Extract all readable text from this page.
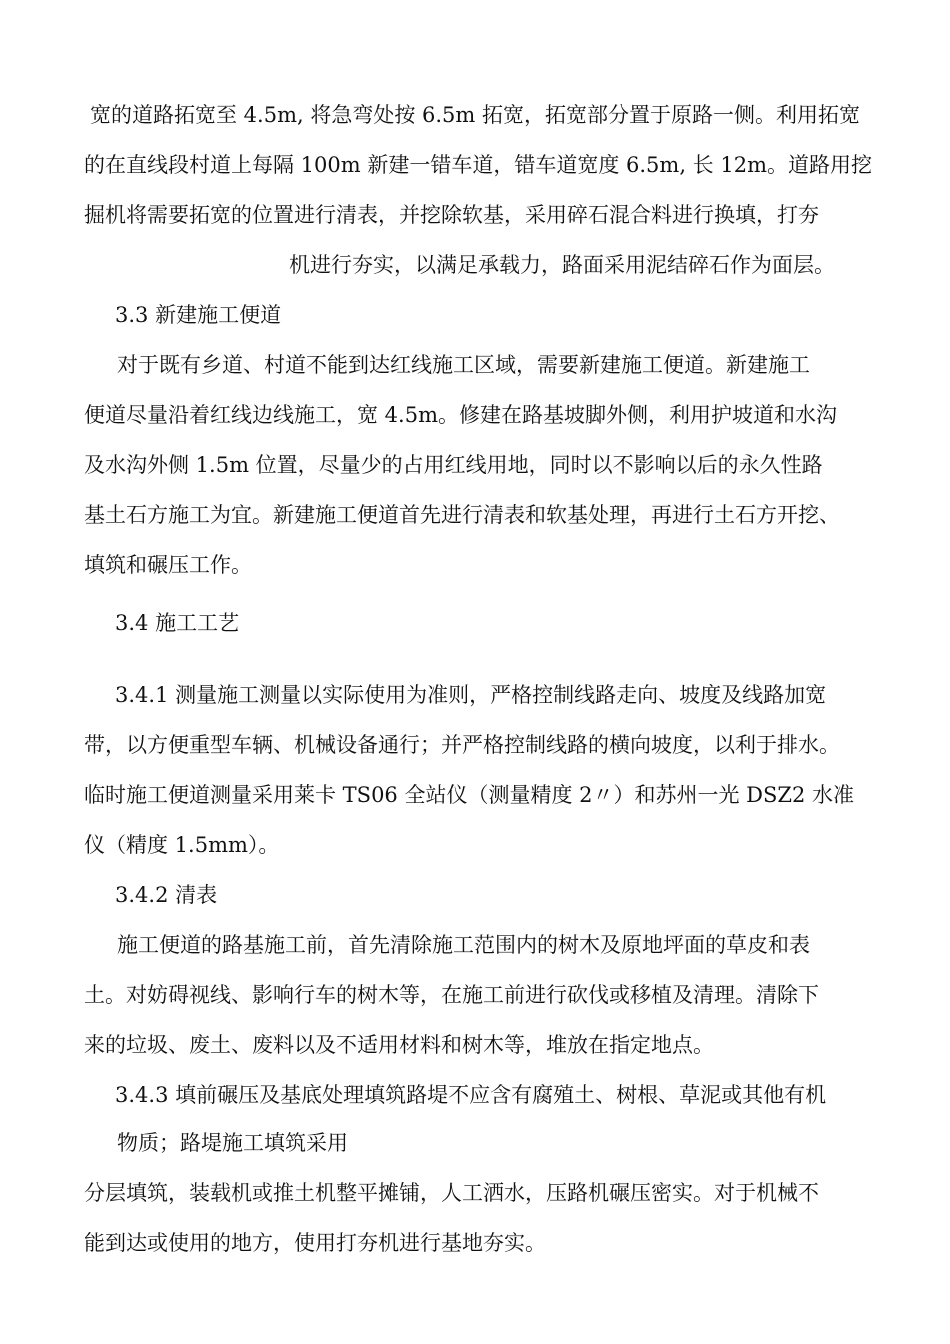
宽的道路拓宽至 4.5m, 将急弯处按 6.5m 拓宽，拓宽部分置于原路一侧。利用拓宽
的在直线段村道上每隔 100m 新建一错车道，错车道宽度 6.5m, 长 12m。道路用挖
掘机将需要拓宽的位置进行清表，并挖除软基，采用碎石混合料进行换填，打夯
机进行夯实，以满足承载力，路面采用泥结碎石作为面层。
3.3 新建施工便道
对于既有乡道、村道不能到达红线施工区域，需要新建施工便道。新建施工
便道尽量沿着红线边线施工，宽 4.5m。修建在路基坡脚外侧，利用护坡道和水沟
及水沟外侧 1.5m 位置，尽量少的占用红线用地，同时以不影响以后的永久性路
基土石方施工为宜。新建施工便道首先进行清表和软基处理，再进行土石方开挖、
填筑和碾压工作。
3.4 施工工艺
3.4.1 测量施工测量以实际使用为准则，严格控制线路走向、坡度及线路加宽
带，以方便重型车辆、机械设备通行；并严格控制线路的横向坡度，以利于排水。
临时施工便道测量采用莱卡 TS06 全站仪（测量精度 2〃）和苏州一光 DSZ2 水准
仪（精度 1.5mm）。
3.4.2 清表
施工便道的路基施工前，首先清除施工范围内的树木及原地坪面的草皮和表
土。对妨碍视线、影响行车的树木等，在施工前进行砍伐或移植及清理。清除下
来的垃圾、废土、废料以及不适用材料和树木等，堆放在指定地点。
3.4.3 填前碾压及基底处理填筑路堤不应含有腐殖土、树根、草泥或其他有机
物质；路堤施工填筑采用
分层填筑，装载机或推土机整平摊铺，人工洒水，压路机碾压密实。对于机械不
能到达或使用的地方，使用打夯机进行基地夯实。
